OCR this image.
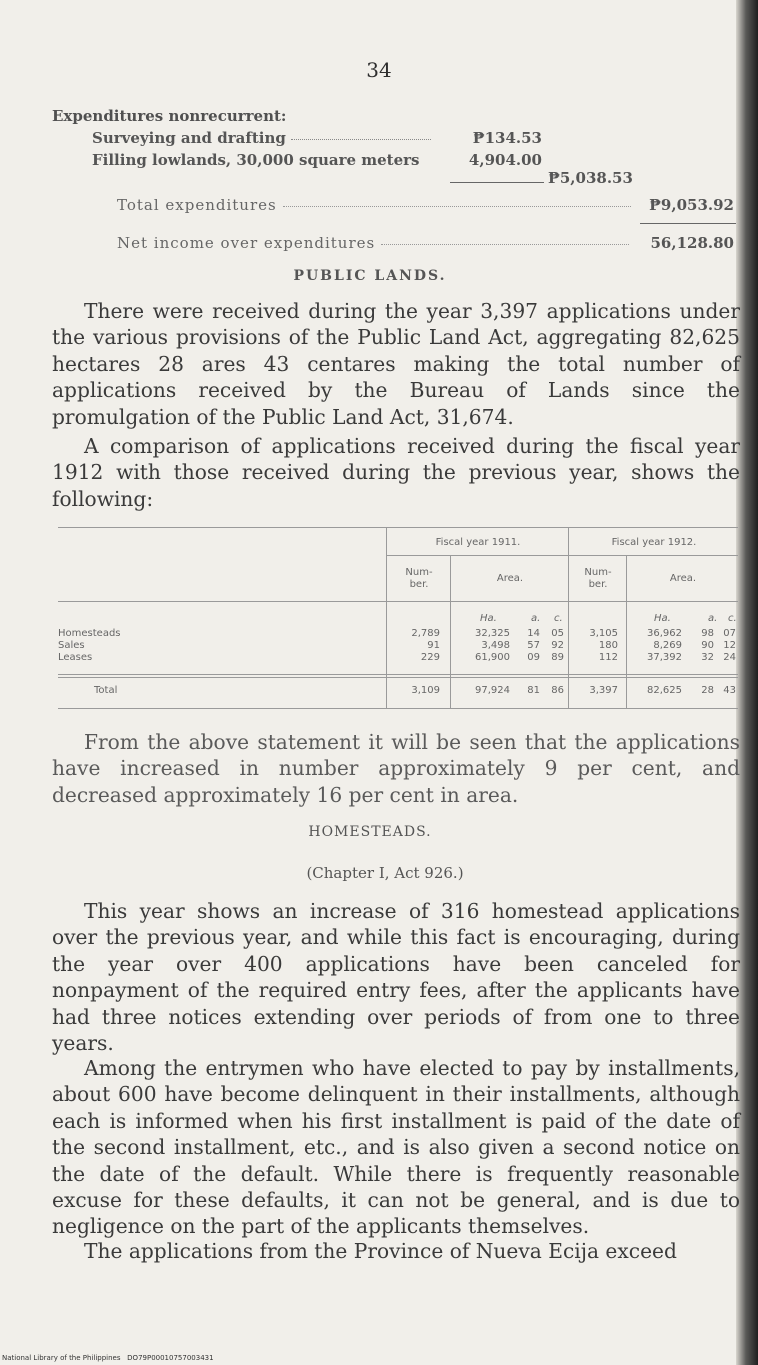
34
Expenditures nonrecurrent:
Surveying and drafting	₱134.53
Filling lowlands, 30,000 square meters	4,904.00
₱5,038.53
Total expenditures	₱9,053.92
Net income over expenditures	56,128.80
PUBLIC LANDS.
There were received during the year 3,397 applications under the various provisions of the Public Land Act, aggregating 82,625 hectares 28 ares 43 centares making the total number of applications received by the Bureau of Lands since the promulgation of the Public Land Act, 31,674.
A comparison of applications received during the fiscal year 1912 with those received during the previous year, shows the following:
Fiscal year 1911.	Fiscal year 1912.
Num-ber.
Area.
Num-ber.
Area.
Ha.	a. c.	Ha.	a. c.
Homesteads	2,789	32,325	14	05	3,105	36,962	98 07
Sales	91	3,498	57	92	180	8,269	90 12
Leases	229	61,900	09	89	112	37,392	32 24
Total	3,109	97,924	81	86	3,397	82,625	28 43
From the above statement it will be seen that the applications have increased in number approximately 9 per cent, and decreased approximately 16 per cent in area.
HOMESTEADS.
(Chapter I, Act 926.)
This year shows an increase of 316 homestead applications over the previous year, and while this fact is encouraging, during the year over 400 applications have been canceled for nonpayment of the required entry fees, after the applicants have had three notices extending over periods of from one to three years.
Among the entrymen who have elected to pay by installments, about 600 have become delinquent in their installments, although each is informed when his first installment is paid of the date of the second installment, etc., and is also given a second notice on the date of the default. While there is frequently reasonable excuse for these defaults, it can not be general, and is due to negligence on the part of the applicants themselves.
The applications from the Province of Nueva Ecija exceed
National Library of the Philippines   DO79P00010757003431
